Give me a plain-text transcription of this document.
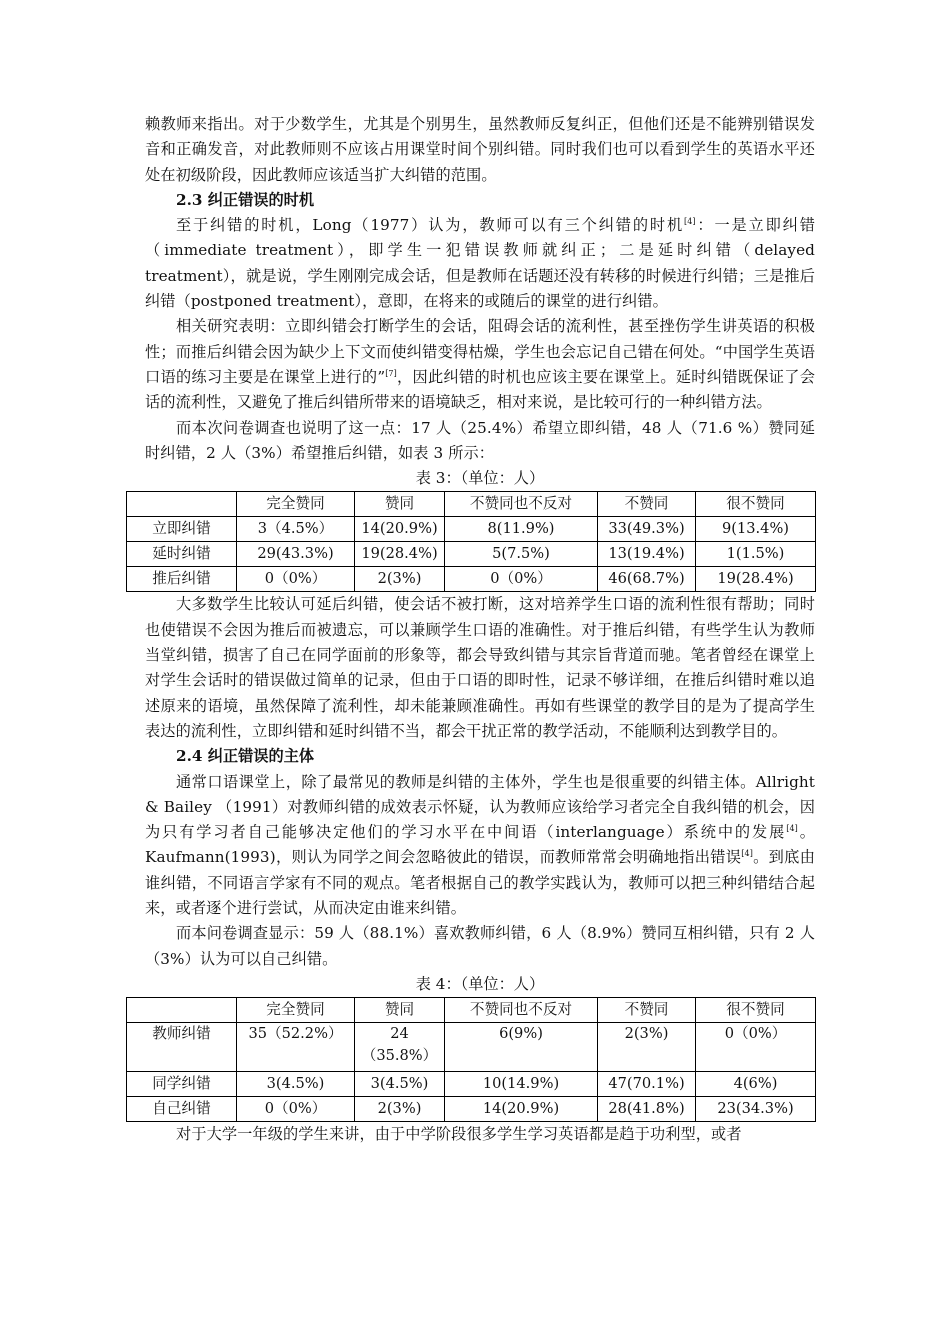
赖教师来指出。对于少数学生，尤其是个别男生，虽然教师反复纠正，但他们还是不能辨别错误发音和正确发音，对此教师则不应该占用课堂时间个别纠错。同时我们也可以看到学生的英语水平还处在初级阶段，因此教师应该适当扩大纠错的范围。

2.3 纠正错误的时机

至于纠错的时机，Long（1977）认为，教师可以有三个纠错的时机[4]：一是立即纠错（immediate treatment），即学生一犯错误教师就纠正；二是延时纠错（delayed treatment），就是说，学生刚刚完成会话，但是教师在话题还没有转移的时候进行纠错；三是推后纠错（postponed treatment），意即，在将来的或随后的课堂的进行纠错。

相关研究表明：立即纠错会打断学生的会话，阻碍会话的流利性，甚至挫伤学生讲英语的积极性；而推后纠错会因为缺少上下文而使纠错变得枯燥，学生也会忘记自己错在何处。“中国学生英语口语的练习主要是在课堂上进行的”[7]，因此纠错的时机也应该主要在课堂上。延时纠错既保证了会话的流利性，又避免了推后纠错所带来的语境缺乏，相对来说，是比较可行的一种纠错方法。

而本次问卷调查也说明了这一点：17 人（25.4%）希望立即纠错，48 人（71.6 %）赞同延时纠错，2 人（3%）希望推后纠错，如表 3 所示：

表 3：（单位：人）

	完全赞同	赞同	不赞同也不反对	不赞同	很不赞同
立即纠错	3（4.5%）	14(20.9%)	8(11.9%)	33(49.3%)	9(13.4%)
延时纠错	29(43.3%)	19(28.4%)	5(7.5%)	13(19.4%)	1(1.5%)
推后纠错	0（0%）	2(3%)	0（0%）	46(68.7%)	19(28.4%)

大多数学生比较认可延后纠错，使会话不被打断，这对培养学生口语的流利性很有帮助；同时也使错误不会因为推后而被遗忘，可以兼顾学生口语的准确性。对于推后纠错，有些学生认为教师当堂纠错，损害了自己在同学面前的形象等，都会导致纠错与其宗旨背道而驰。笔者曾经在课堂上对学生会话时的错误做过简单的记录，但由于口语的即时性，记录不够详细，在推后纠错时难以追述原来的语境，虽然保障了流利性，却未能兼顾准确性。再如有些课堂的教学目的是为了提高学生表达的流利性，立即纠错和延时纠错不当，都会干扰正常的教学活动，不能顺利达到教学目的。

2.4 纠正错误的主体

通常口语课堂上，除了最常见的教师是纠错的主体外，学生也是很重要的纠错主体。Allright & Bailey （1991）对教师纠错的成效表示怀疑，认为教师应该给学习者完全自我纠错的机会，因为只有学习者自己能够决定他们的学习水平在中间语（interlanguage）系统中的发展[4]。Kaufmann(1993)，则认为同学之间会忽略彼此的错误，而教师常常会明确地指出错误[4]。到底由谁纠错，不同语言学家有不同的观点。笔者根据自己的教学实践认为，教师可以把三种纠错结合起来，或者逐个进行尝试，从而决定由谁来纠错。

而本问卷调查显示：59 人（88.1%）喜欢教师纠错，6 人（8.9%）赞同互相纠错，只有 2 人（3%）认为可以自己纠错。

表 4：（单位：人）

	完全赞同	赞同	不赞同也不反对	不赞同	很不赞同
教师纠错	35（52.2%）	24（35.8%）	6(9%)	2(3%)	0（0%）
同学纠错	3(4.5%)	3(4.5%)	10(14.9%)	47(70.1%)	4(6%)
自己纠错	0（0%）	2(3%)	14(20.9%)	28(41.8%)	23(34.3%)

对于大学一年级的学生来讲，由于中学阶段很多学生学习英语都是趋于功利型，或者
